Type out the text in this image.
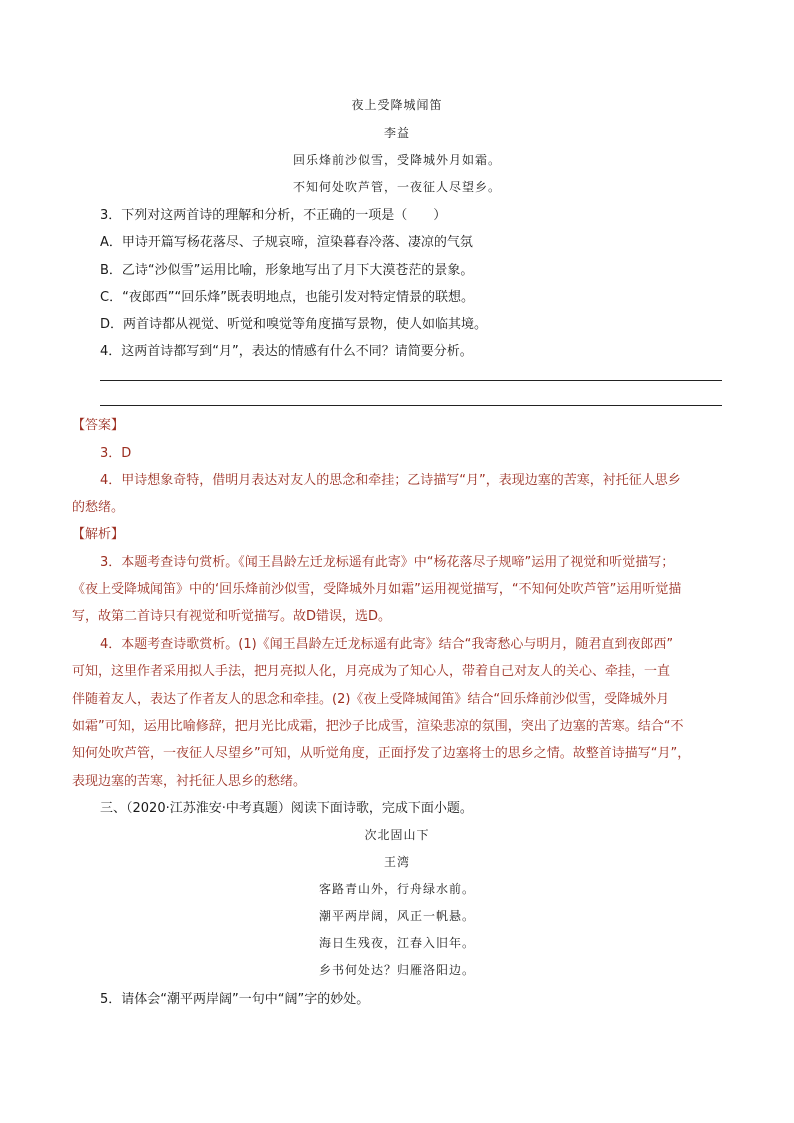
夜上受降城闻笛
李益
回乐烽前沙似雪，受降城外月如霜。
不知何处吹芦管，一夜征人尽望乡。
3．下列对这两首诗的理解和分析，不正确的一项是（　　）
A．甲诗开篇写杨花落尽、子规哀啼，渲染暮春冷落、凄凉的气氛
B．乙诗“沙似雪”运用比喻，形象地写出了月下大漠苍茫的景象。
C．“夜郎西”“回乐烽”既表明地点，也能引发对特定情景的联想。
D．两首诗都从视觉、听觉和嗅觉等角度描写景物，使人如临其境。
4．这两首诗都写到“月”，表达的情感有什么不同？请简要分析。
【答案】
3．D
4．甲诗想象奇特，借明月表达对友人的思念和牵挂；乙诗描写“月”，表现边塞的苦寒，衬托征人思乡
的愁绪。
【解析】
3．本题考查诗句赏析。《闻王昌龄左迁龙标遥有此寄》中“杨花落尽子规啼”运用了视觉和听觉描写；
《夜上受降城闻笛》中的‘回乐烽前沙似雪，受降城外月如霜”运用视觉描写，“不知何处吹芦管”运用听觉描
写，故第二首诗只有视觉和听觉描写。故D错误，选D。
4．本题考查诗歌赏析。(1)《闻王昌龄左迁龙标遥有此寄》结合“我寄愁心与明月，随君直到夜郎西”
可知，这里作者采用拟人手法，把月亮拟人化，月亮成为了知心人，带着自己对友人的关心、牵挂，一直
伴随着友人，表达了作者友人的思念和牵挂。(2)《夜上受降城闻笛》结合“回乐烽前沙似雪，受降城外月
如霜”可知，运用比喻修辞，把月光比成霜，把沙子比成雪，渲染悲凉的氛围，突出了边塞的苦寒。结合“不
知何处吹芦管，一夜征人尽望乡”可知，从听觉角度，正面抒发了边塞将士的思乡之情。故整首诗描写“月”，
表现边塞的苦寒，衬托征人思乡的愁绪。
三、（2020·江苏淮安·中考真题）阅读下面诗歌，完成下面小题。
次北固山下
王湾
客路青山外，行舟绿水前。
潮平两岸阔，风正一帆悬。
海日生残夜，江春入旧年。
乡书何处达？归雁洛阳边。
5．请体会“潮平两岸阔”一句中“阔”字的妙处。
